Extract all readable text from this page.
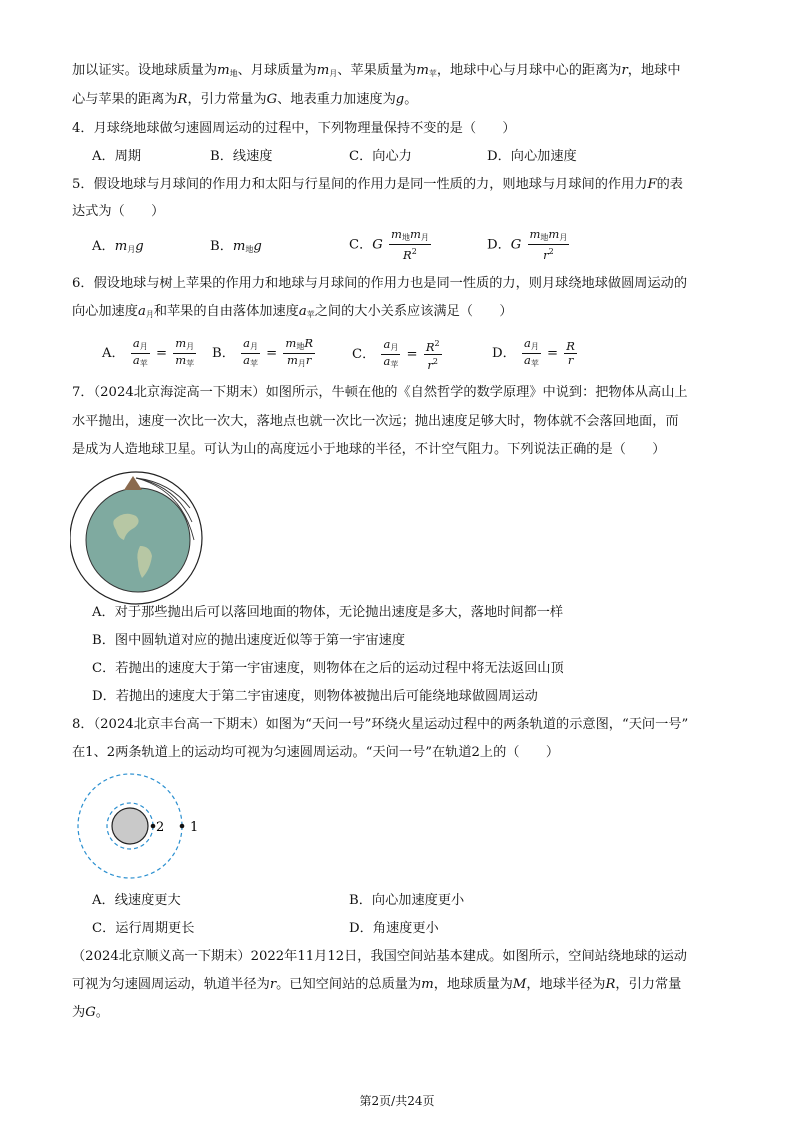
加以证实。设地球质量为$m_地$、月球质量为$m_月$、苹果质量为$m_苹$，地球中心与月球中心的距离为r，地球中
心与苹果的距离为R，引力常量为G、地表重力加速度为g。
4．月球绕地球做匀速圆周运动的过程中，下列物理量保持不变的是（　　）
A．周期	B．线速度	C．向心力	D．向心加速度
5．假设地球与月球间的作用力和太阳与行星间的作用力是同一性质的力，则地球与月球间的作用力F的表
达式为（　　）
A．$m_月g$	B．$m_地g$	C．G $\frac{m_地m_月}{R^2}$	D．G $\frac{m_地m_月}{r^2}$
6．假设地球与树上苹果的作用力和地球与月球间的作用力也是同一性质的力，则月球绕地球做圆周运动的
向心加速度$a_月$和苹果的自由落体加速度$a_苹$之间的大小关系应该满足（　　）
A． $\frac{a_月}{a_苹} = \frac{m_月}{m_苹}$ B． $\frac{a_月}{a_苹} = \frac{m_地R}{m_月r}$	C． $\frac{a_月}{a_苹} = \frac{R^2}{r^2}$	D． $\frac{a_月}{a_苹} = \frac{R}{r}$
7．（2024北京海淀高一下期末）如图所示，牛顿在他的《自然哲学的数学原理》中说到：把物体从高山上
水平抛出，速度一次比一次大，落地点也就一次比一次远；抛出速度足够大时，物体就不会落回地面，而
是成为人造地球卫星。可认为山的高度远小于地球的半径，不计空气阻力。下列说法正确的是（　　）
A．对于那些抛出后可以落回地面的物体，无论抛出速度是多大，落地时间都一样
B．图中圆轨道对应的抛出速度近似等于第一宇宙速度
C．若抛出的速度大于第一宇宙速度，则物体在之后的运动过程中将无法返回山顶
D．若抛出的速度大于第二宇宙速度，则物体被抛出后可能绕地球做圆周运动
8．（2024北京丰台高一下期末）如图为“天问一号”环绕火星运动过程中的两条轨道的示意图，“天问一号”
在1、2两条轨道上的运动均可视为匀速圆周运动。“天问一号”在轨道2上的（　　）
2 1
A．线速度更大	B．向心加速度更小
C．运行周期更长	D．角速度更小
（2024北京顺义高一下期末）2022年11月12日，我国空间站基本建成。如图所示，空间站绕地球的运动
可视为匀速圆周运动，轨道半径为r。已知空间站的总质量为m，地球质量为M，地球半径为R，引力常量
为G。
第2页/共24页
